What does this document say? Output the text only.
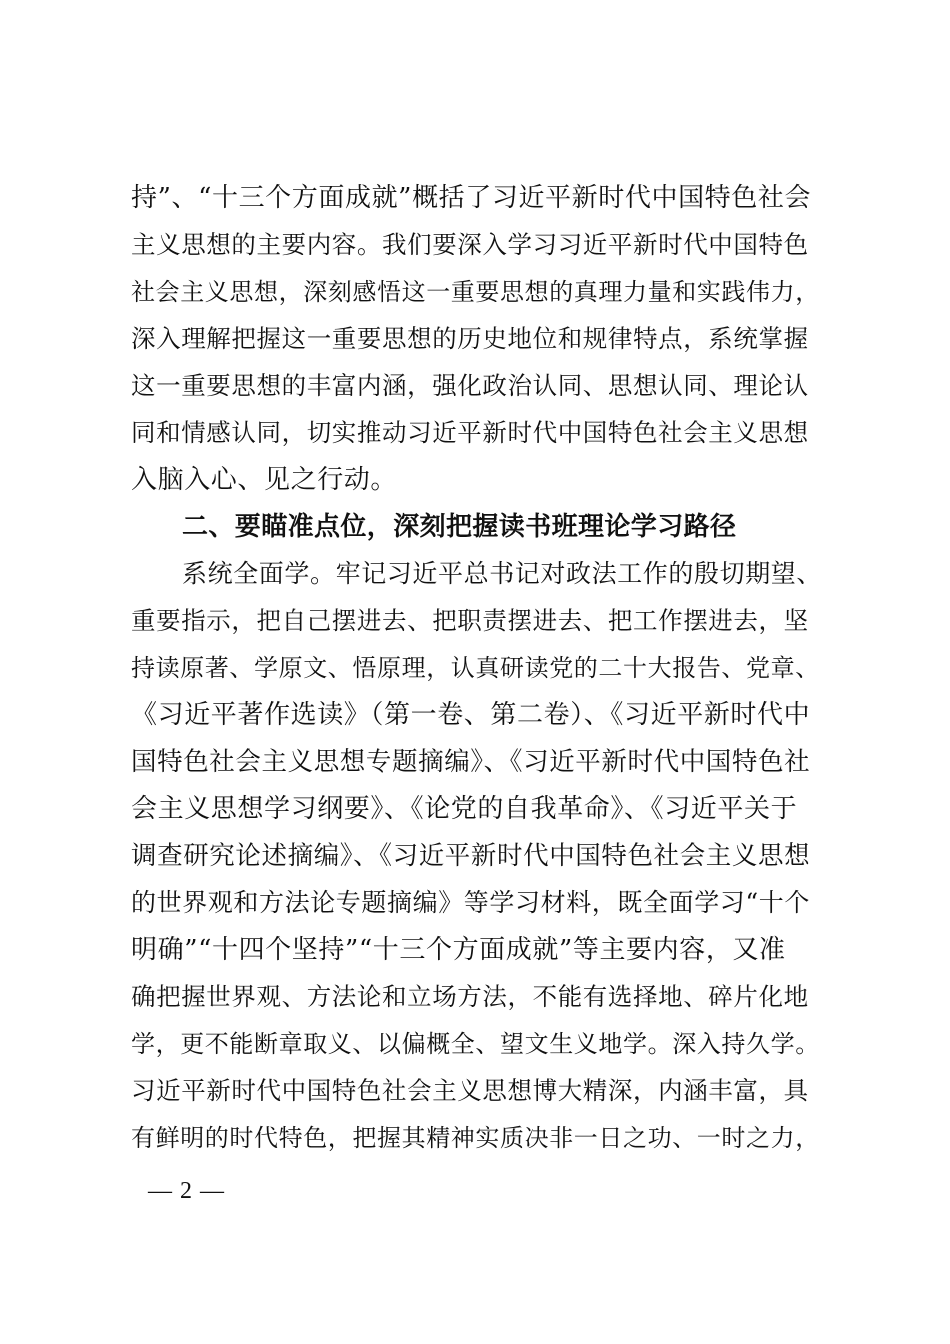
持”、“十三个方面成就”概括了习近平新时代中国特色社会
主义思想的主要内容。我们要深入学习习近平新时代中国特色
社会主义思想，深刻感悟这一重要思想的真理力量和实践伟力，
深入理解把握这一重要思想的历史地位和规律特点，系统掌握
这一重要思想的丰富内涵，强化政治认同、思想认同、理论认
同和情感认同，切实推动习近平新时代中国特色社会主义思想
入脑入心、见之行动。
二、要瞄准点位，深刻把握读书班理论学习路径
系统全面学。牢记习近平总书记对政法工作的殷切期望、
重要指示，把自己摆进去、把职责摆进去、把工作摆进去，坚
持读原著、学原文、悟原理，认真研读党的二十大报告、党章、
《习近平著作选读》（第一卷、第二卷）、《习近平新时代中
国特色社会主义思想专题摘编》、《习近平新时代中国特色社
会主义思想学习纲要》、《论党的自我革命》、《习近平关于
调查研究论述摘编》、《习近平新时代中国特色社会主义思想
的世界观和方法论专题摘编》等学习材料，既全面学习“十个
明确”“十四个坚持”“十三个方面成就”等主要内容，又准
确把握世界观、方法论和立场方法，不能有选择地、碎片化地
学，更不能断章取义、以偏概全、望文生义地学。深入持久学。
习近平新时代中国特色社会主义思想博大精深，内涵丰富，具
有鲜明的时代特色，把握其精神实质决非一日之功、一时之力，
— 2 —
